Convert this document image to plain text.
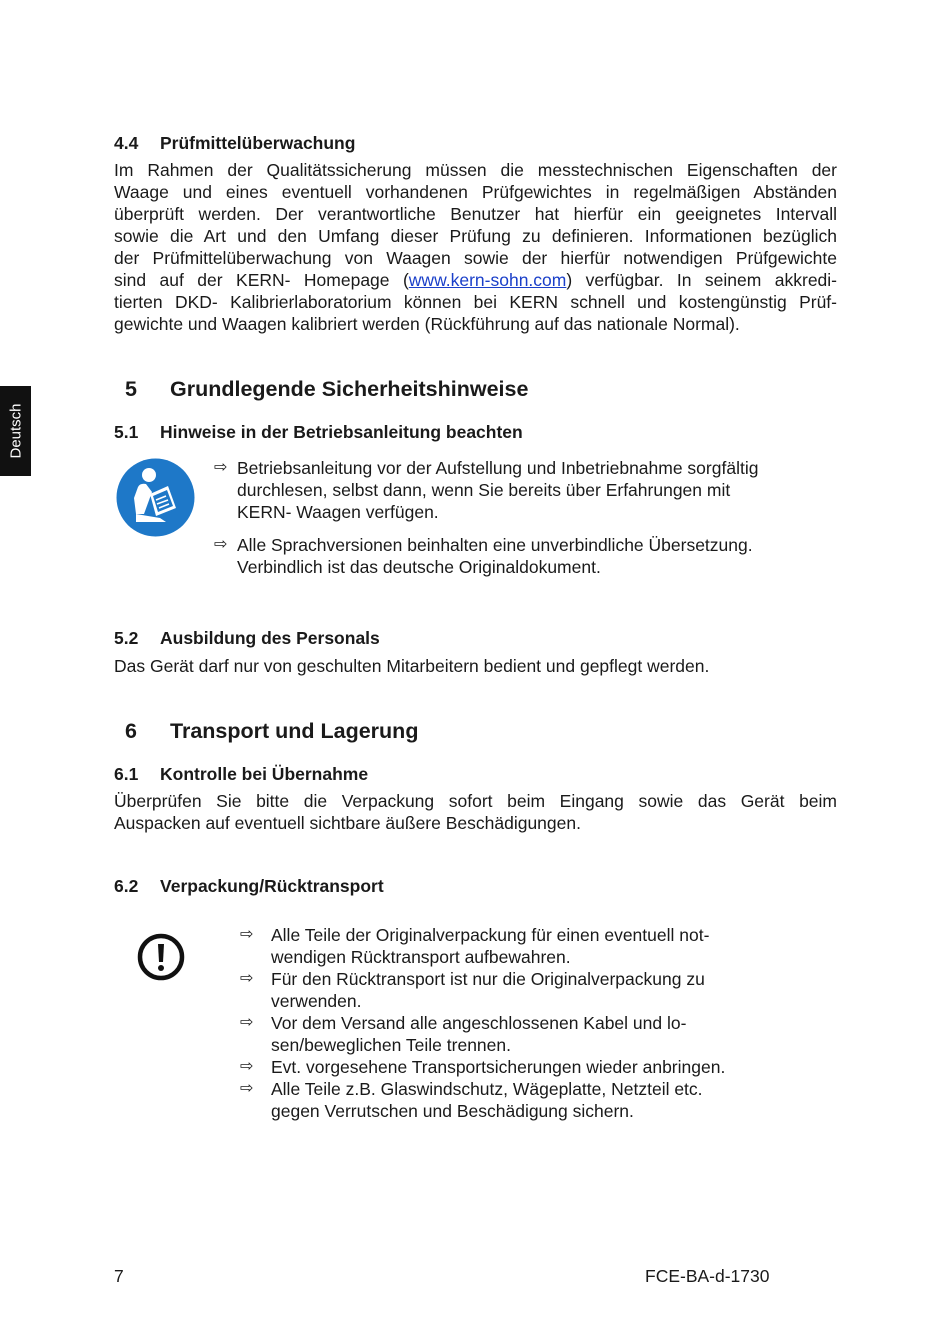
Deutsch
4.4 Prüfmittelüberwachung

Im Rahmen der Qualitätssicherung müssen die messtechnischen Eigenschaften der

Waage und eines eventuell vorhandenen Prüfgewichtes in regelmäßigen Abständen

überprüft werden. Der verantwortliche Benutzer hat hierfür ein geeignetes Intervall

sowie die Art und den Umfang dieser Prüfung zu definieren. Informationen bezüglich

der Prüfmittelüberwachung von Waagen sowie der hierfür notwendigen Prüfgewichte

sind auf der KERN- Homepage (www.kern-sohn.com) verfügbar. In seinem akkredi-

tierten DKD- Kalibrierlaboratorium können bei KERN schnell und kostengünstig Prüf-

gewichte und Waagen kalibriert werden (Rückführung auf das nationale Normal).

5 Grundlegende Sicherheitshinweise
5.1 Hinweise in der Betriebsanleitung beachten
⇨ Betriebsanleitung vor der Aufstellung und Inbetriebnahme sorgfältig
durchlesen, selbst dann, wenn Sie bereits über Erfahrungen mit
KERN- Waagen verfügen.
⇨ Alle Sprachversionen beinhalten eine unverbindliche Übersetzung.
Verbindlich ist das deutsche Originaldokument.
5.2 Ausbildung des Personals
Das Gerät darf nur von geschulten Mitarbeitern bedient und gepflegt werden.
6 Transport und Lagerung
6.1 Kontrolle bei Übernahme

Überprüfen Sie bitte die Verpackung sofort beim Eingang sowie das Gerät beim

Auspacken auf eventuell sichtbare äußere Beschädigungen.

6.2 Verpackung/Rücktransport
⇨ Alle Teile der Originalverpackung für einen eventuell not-
wendigen Rücktransport aufbewahren.
⇨ Für den Rücktransport ist nur die Originalverpackung zu
verwenden.
⇨ Vor dem Versand alle angeschlossenen Kabel und lo-
sen/beweglichen Teile trennen.
⇨ Evt. vorgesehene Transportsicherungen wieder anbringen.
⇨ Alle Teile z.B. Glaswindschutz, Wägeplatte, Netzteil etc.
gegen Verrutschen und Beschädigung sichern.
7	FCE-BA-d-1730
